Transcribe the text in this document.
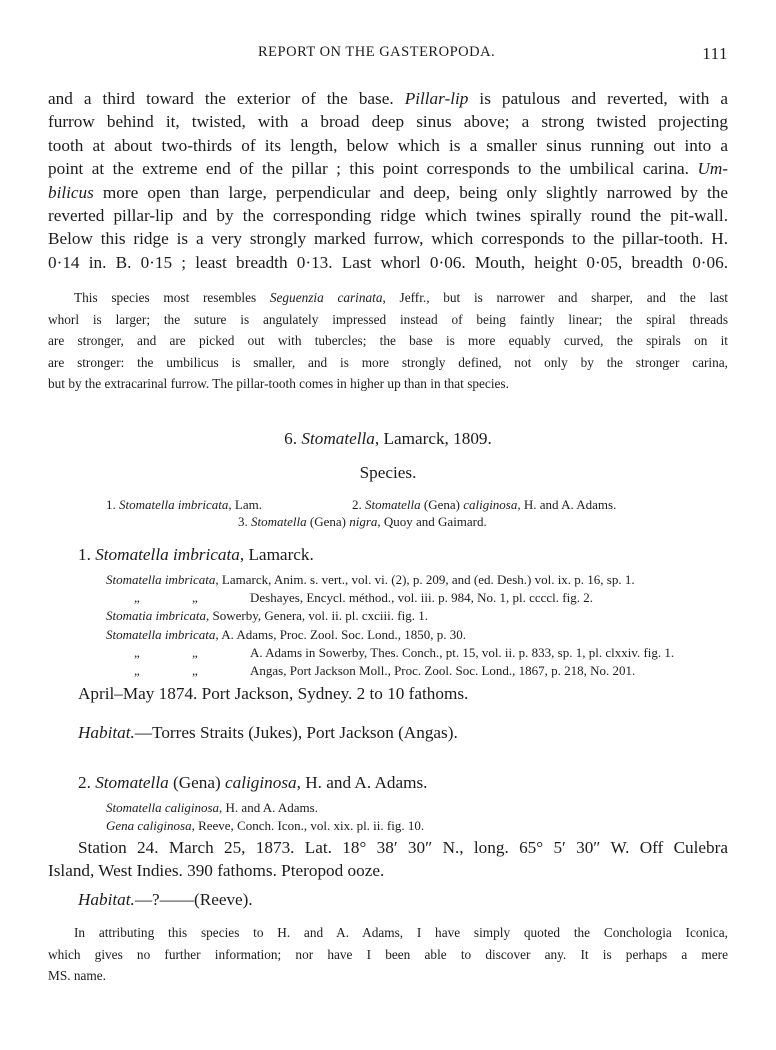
REPORT ON THE GASTEROPODA.	111
and a third toward the exterior of the base. Pillar-lip is patulous and reverted, with a
furrow behind it, twisted, with a broad deep sinus above; a strong twisted projecting
tooth at about two-thirds of its length, below which is a smaller sinus running out into a
point at the extreme end of the pillar ; this point corresponds to the umbilical carina. Um-
bilicus more open than large, perpendicular and deep, being only slightly narrowed by the
reverted pillar-lip and by the corresponding ridge which twines spirally round the pit-wall.
Below this ridge is a very strongly marked furrow, which corresponds to the pillar-tooth. H.
0·14 in. B. 0·15 ; least breadth 0·13. Last whorl 0·06. Mouth, height 0·05, breadth 0·06.
This species most resembles Seguenzia carinata, Jeffr., but is narrower and sharper, and the last
whorl is larger; the suture is angulately impressed instead of being faintly linear; the spiral threads
are stronger, and are picked out with tubercles; the base is more equably curved, the spirals on it
are stronger: the umbilicus is smaller, and is more strongly defined, not only by the stronger carina,
but by the extracarinal furrow. The pillar-tooth comes in higher up than in that species.
6. Stomatella, Lamarck, 1809.
Species.
1. Stomatella imbricata, Lam.	2. Stomatella (Gena) caliginosa, H. and A. Adams.
3. Stomatella (Gena) nigra, Quoy and Gaimard.
1. Stomatella imbricata, Lamarck.
Stomatella imbricata, Lamarck, Anim. s. vert., vol. vi. (2), p. 209, and (ed. Desh.) vol. ix. p. 16, sp. 1.
„	„	Deshayes, Encycl. méthod., vol. iii. p. 984, No. 1, pl. ccccl. fig. 2.
Stomatia imbricata, Sowerby, Genera, vol. ii. pl. cxciii. fig. 1.
Stomatella imbricata, A. Adams, Proc. Zool. Soc. Lond., 1850, p. 30.
„	„	A. Adams in Sowerby, Thes. Conch., pt. 15, vol. ii. p. 833, sp. 1, pl. clxxiv. fig. 1.
„	„	Angas, Port Jackson Moll., Proc. Zool. Soc. Lond., 1867, p. 218, No. 201.
April–May 1874. Port Jackson, Sydney. 2 to 10 fathoms.
Habitat.—Torres Straits (Jukes), Port Jackson (Angas).
2. Stomatella (Gena) caliginosa, H. and A. Adams.
Stomatella caliginosa, H. and A. Adams.
Gena caliginosa, Reeve, Conch. Icon., vol. xix. pl. ii. fig. 10.
Station 24. March 25, 1873. Lat. 18° 38′ 30″ N., long. 65° 5′ 30″ W. Off Culebra
Island, West Indies. 390 fathoms. Pteropod ooze.
Habitat.—?——(Reeve).
In attributing this species to H. and A. Adams, I have simply quoted the Conchologia Iconica,
which gives no further information; nor have I been able to discover any. It is perhaps a mere
MS. name.
